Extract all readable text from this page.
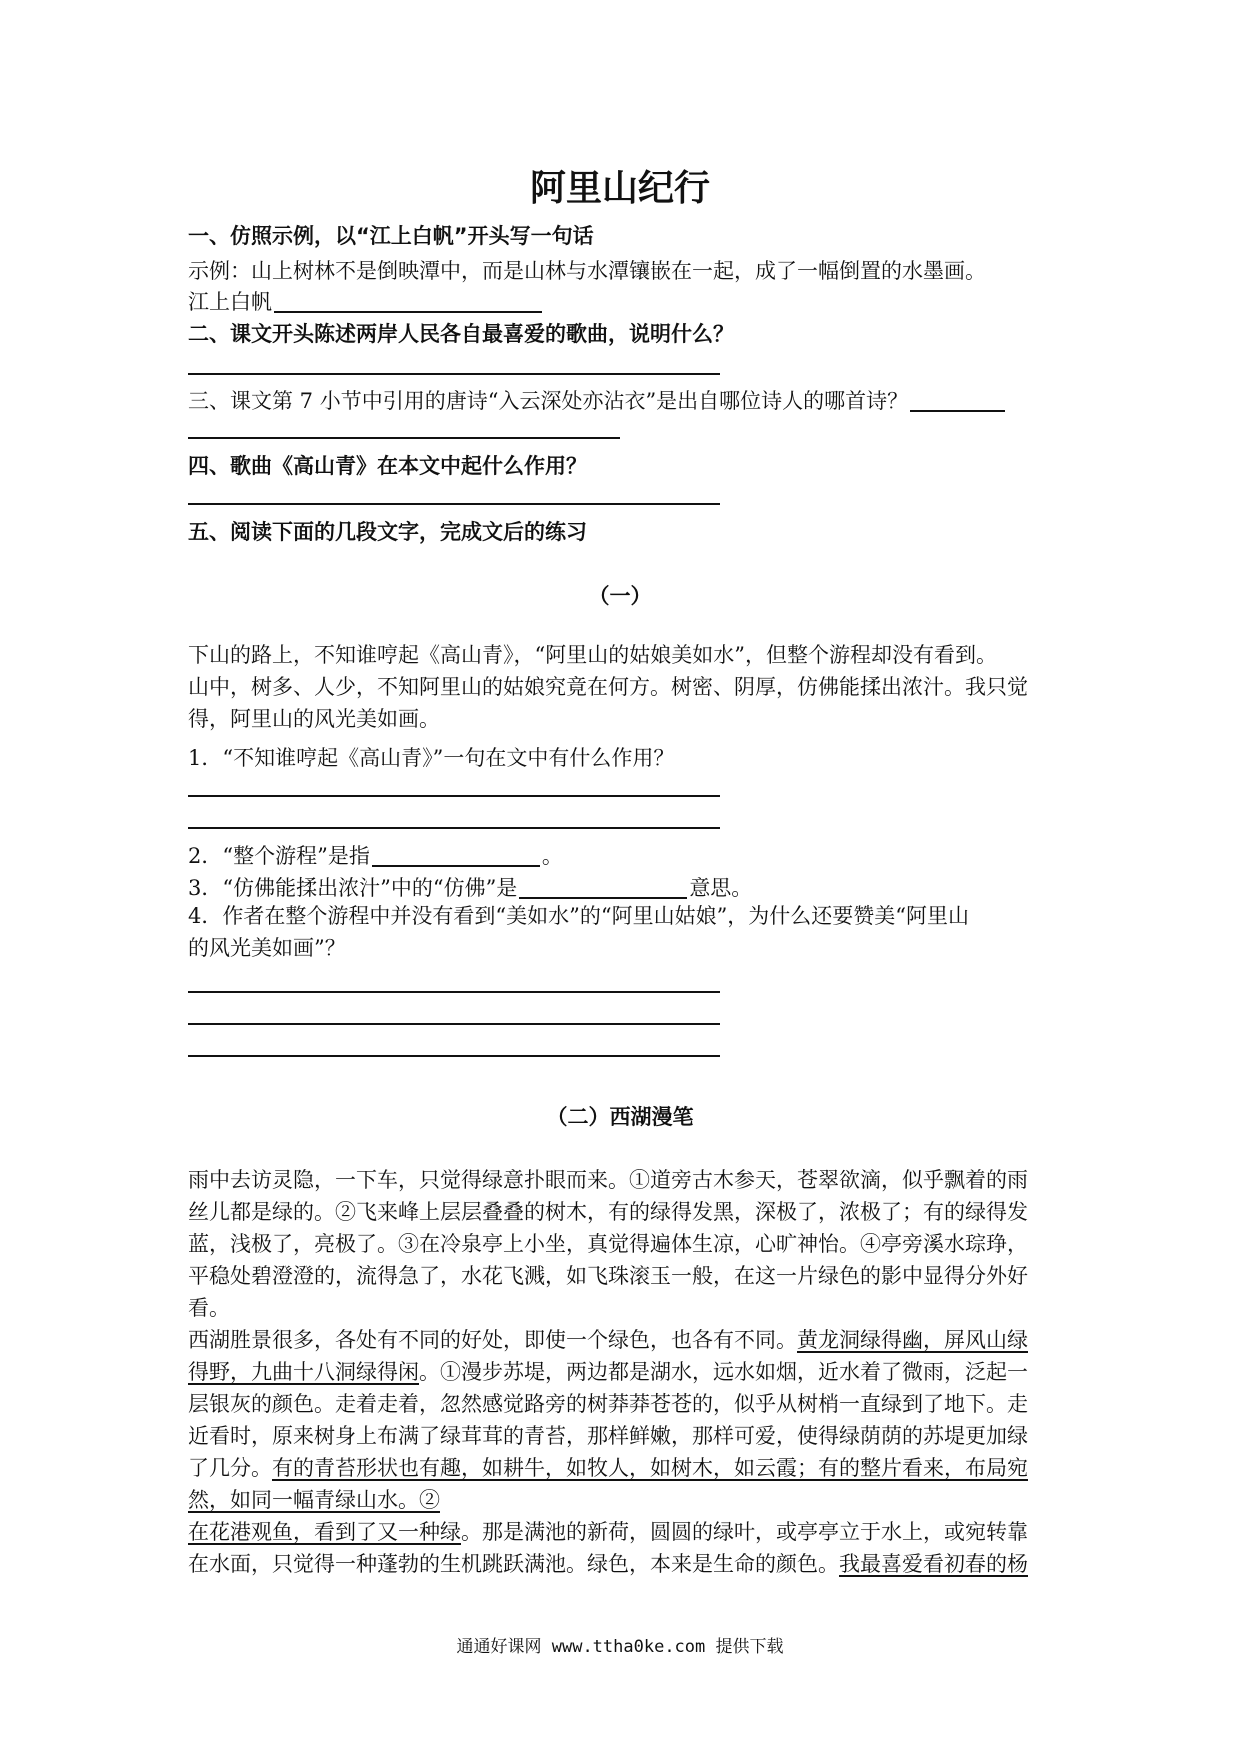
阿里山纪行
一、仿照示例，以“江上白帆”开头写一句话
示例：山上树林不是倒映潭中，而是山林与水潭镶嵌在一起，成了一幅倒置的水墨画。
江上白帆
二、课文开头陈述两岸人民各自最喜爱的歌曲，说明什么？
三、课文第 7 小节中引用的唐诗“入云深处亦沾衣”是出自哪位诗人的哪首诗？
四、歌曲《高山青》在本文中起什么作用？
五、阅读下面的几段文字，完成文后的练习
（一）
下山的路上，不知谁哼起《高山青》，“阿里山的姑娘美如水”，但整个游程却没有看到。
山中，树多、人少，不知阿里山的姑娘究竟在何方。树密、阴厚，仿佛能揉出浓汁。我只觉
得，阿里山的风光美如画。
1．“不知谁哼起《高山青》”一句在文中有什么作用？
2．“整个游程”是指	。
3．“仿佛能揉出浓汁”中的“仿佛”是	意思。
4．作者在整个游程中并没有看到“美如水”的“阿里山姑娘”，为什么还要赞美“阿里山
的风光美如画”？
（二）西湖漫笔
雨中去访灵隐，一下车，只觉得绿意扑眼而来。①道旁古木参天，苍翠欲滴，似乎飘着的雨
丝儿都是绿的。②飞来峰上层层叠叠的树木，有的绿得发黑，深极了，浓极了；有的绿得发
蓝，浅极了，亮极了。③在冷泉亭上小坐，真觉得遍体生凉，心旷神怡。④亭旁溪水琮琤，
平稳处碧澄澄的，流得急了，水花飞溅，如飞珠滚玉一般，在这一片绿色的影中显得分外好
看。
西湖胜景很多，各处有不同的好处，即使一个绿色，也各有不同。黄龙洞绿得幽，屏风山绿
得野，九曲十八洞绿得闲。①漫步苏堤，两边都是湖水，远水如烟，近水着了微雨，泛起一
层银灰的颜色。走着走着，忽然感觉路旁的树莽莽苍苍的，似乎从树梢一直绿到了地下。走
近看时，原来树身上布满了绿茸茸的青苔，那样鲜嫩，那样可爱，使得绿荫荫的苏堤更加绿
了几分。有的青苔形状也有趣，如耕牛，如牧人，如树木，如云霞；有的整片看来，布局宛
然，如同一幅青绿山水。②
在花港观鱼，看到了又一种绿。那是满池的新荷，圆圆的绿叶，或亭亭立于水上，或宛转靠
在水面，只觉得一种蓬勃的生机跳跃满池。绿色，本来是生命的颜色。我最喜爱看初春的杨
通通好课网 www.ttha0ke.com 提供下载
